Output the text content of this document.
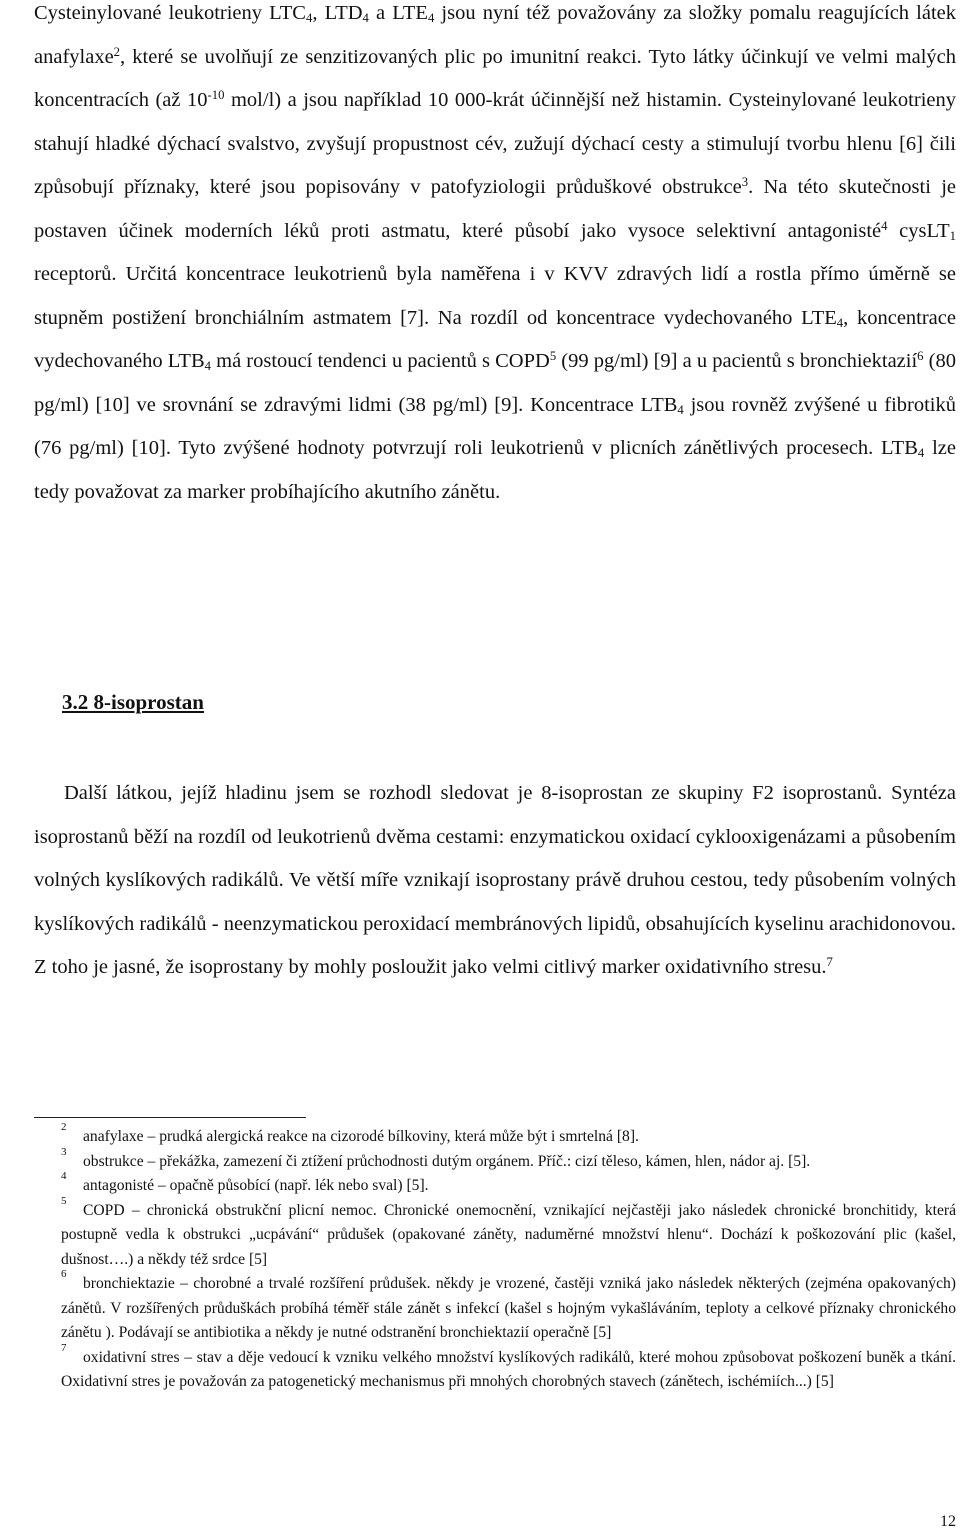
Cysteinylované leukotrieny $LTC_4$, $LTD_4$ a $LTE_4$ jsou nyní též považovány za složky pomalu reagujících látek anafylaxe$^2$, které se uvolňují ze senzitizovaných plic po imunitní reakci. Tyto látky účinkují ve velmi malých koncentracích (až $10^{-10}$ mol/l) a jsou například 10 000-krát účinnější než histamin. Cysteinylované leukotrieny stahují hladké dýchací svalstvo, zvyšují propustnost cév, zužují dýchací cesty a stimulují tvorbu hlenu [6] čili způsobují příznaky, které jsou popisovány v patofyziologii průduškové obstrukce$^3$. Na této skutečnosti je postaven účinek moderních léků proti astmatu, které působí jako vysoce selektivní antagonisté$^4$ cysLT$_1$ receptorů. Určitá koncentrace leukotrienů byla naměřena i v KVV zdravých lidí a rostla přímo úměrně se stupněm postižení bronchiálním astmatem [7]. Na rozdíl od koncentrace vydechovaného $LTE_4$, koncentrace vydechovaného $LTB_4$ má rostoucí tendenci u pacientů s COPD$^5$ (99 pg/ml) [9] a u pacientů s bronchiektazií$^6$ (80 pg/ml) [10] ve srovnání se zdravými lidmi (38 pg/ml) [9]. Koncentrace $LTB_4$ jsou rovněž zvýšené u fibrotiků (76 pg/ml) [10]. Tyto zvýšené hodnoty potvrzují roli leukotrienů v plicních zánětlivých procesech. $LTB_4$ lze tedy považovat za marker probíhajícího akutního zánětu.

3.2 8-isoprostan

Další látkou, jejíž hladinu jsem se rozhodl sledovat je 8-isoprostan ze skupiny F2 isoprostanů. Syntéza isoprostanů běží na rozdíl od leukotrienů dvěma cestami: enzymatickou oxidací cyklooxigenázami a působením volných kyslíkových radikálů. Ve větší míře vznikají isoprostany právě druhou cestou, tedy působením volných kyslíkových radikálů - neenzymatickou peroxidací membránových lipidů, obsahujících kyselinu arachidonovou. Z toho je jasné, že isoprostany by mohly posloužit jako velmi citlivý marker oxidativního stresu.$^7$

2
anafylaxe – prudká alergická reakce na cizorodé bílkoviny, která může být i smrtelná [8].

3
obstrukce – překážka, zamezení či ztížení průchodnosti dutým orgánem. Příč.: cizí těleso, kámen, hlen, nádor aj. [5].

4
antagonisté – opačně působící (např. lék nebo sval) [5].

5
COPD – chronická obstrukční plicní nemoc. Chronické onemocnění, vznikající nejčastěji jako následek chronické bronchitidy, která postupně vedla k obstrukci „ucpávání“ průdušek (opakované záněty, naduměrné množství hlenu“. Dochází k poškozování plic (kašel, dušnost….) a někdy též srdce [5]

6
bronchiektazie – chorobné a trvalé rozšíření průdušek. někdy je vrozené, častěji vzniká jako následek některých (zejména opakovaných) zánětů. V rozšířených průduškách probíhá téměř stále zánět s infekcí (kašel s hojným vykašláváním, teploty a celkové příznaky chronického zánětu ). Podávají se antibiotika a někdy je nutné odstranění bronchiektazií operačně [5]

7
oxidativní stres – stav a děje vedoucí k vzniku velkého množství kyslíkových radikálů, které mohou způsobovat poškození buněk a tkání. Oxidativní stres je považován za patogenetický mechanismus při mnohých chorobných stavech (zánětech, ischémiích...) [5]

12
